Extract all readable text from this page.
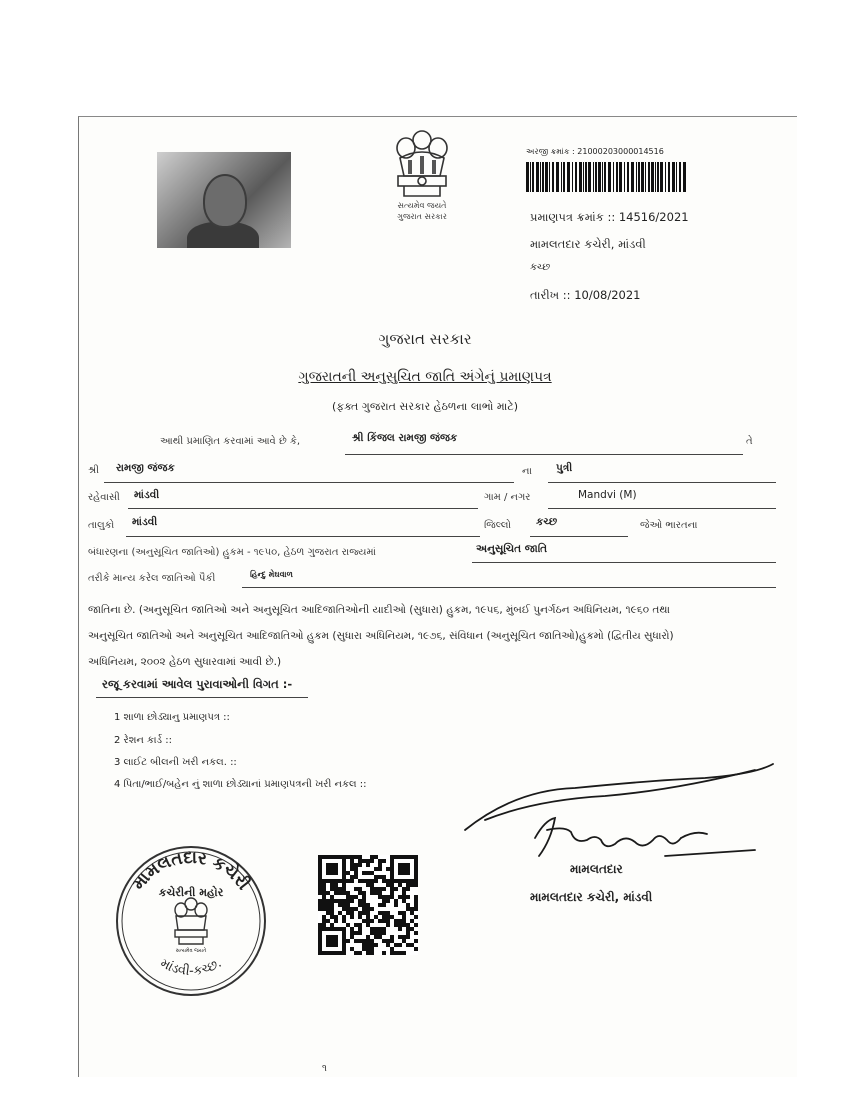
સત્યમેવ જયતે
ગુજરાત સરકાર
અરજી ક્રમાંક : 21000203000014516
પ્રમાણપત્ર ક્રમાંક :: 14516/2021
મામલતદાર કચેરી, માંડવી
કચ્છ
તારીખ :: 10/08/2021
ગુજરાત સરકાર
ગુજરાતની અનુસુચિત જાતિ અંગેનું પ્રમાણપત્ર
(ફક્ત ગુજરાત સરકાર હેઠળના લાભો માટે)
આથી પ્રમાણિત કરવામાં આવે છે કે,	શ્રી કિંજલ રામજી જંજક	તે
શ્રી રામજી જંજક	ના પુત્રી
રહેવાસી માંડવી	ગામ / નગર	Mandvi (M)
તાલુકો માંડવી	જિલ્લો કચ્છ	જેઓ ભારતના
બંધારણના (અનુસૂચિત જાતિઓ) હુકમ - ૧૯૫૦, હેઠળ ગુજરાત રાજ્યમાં	અનુસૂચિત જાતિ
તરીકે માન્ય કરેલ જાતિઓ પૈકી	હિન્દુ મેઘવાળ
જાતિના છે. (અનુસૂચિત જાતિઓ અને અનુસૂચિત આદિજાતિઓની યાદીઓ (સુધારા) હુકમ, ૧૯૫૬, મુંબઈ પુનર્ગઠન અધિનિયમ, ૧૯૬૦ તથા
અનુસૂચિત જાતિઓ અને અનુસૂચિત આદિજાતિઓ હુકમ (સુધારા અધિનિયમ, ૧૯૭૬, સંવિધાન (અનુસૂચિત જાતિઓ)હુકમો (દ્વિતીય સુધારો)
અધિનિયમ, ૨૦૦૨ હેઠળ સુધારવામાં આવી છે.)
રજૂ કરવામાં આવેલ પુરાવાઓની વિગત :-
1 શાળા છોડ્યાનુ પ્રમાણપત્ર ::
2 રેશન કાર્ડ ::
3 લાઈટ બીલની ખરી નકલ. ::
4 પિતા/ભાઈ/બહેન નું શાળા છોડ્યાનાં પ્રમાણપત્રની ખરી નકલ ::
મામલતદાર
મામલતદાર કચેરી, માંડવી
મામલતદાર કચેરી
કચેરીની મહોર
સત્યમેવ જયતે
માંડવી-કચ્છ.
૧
